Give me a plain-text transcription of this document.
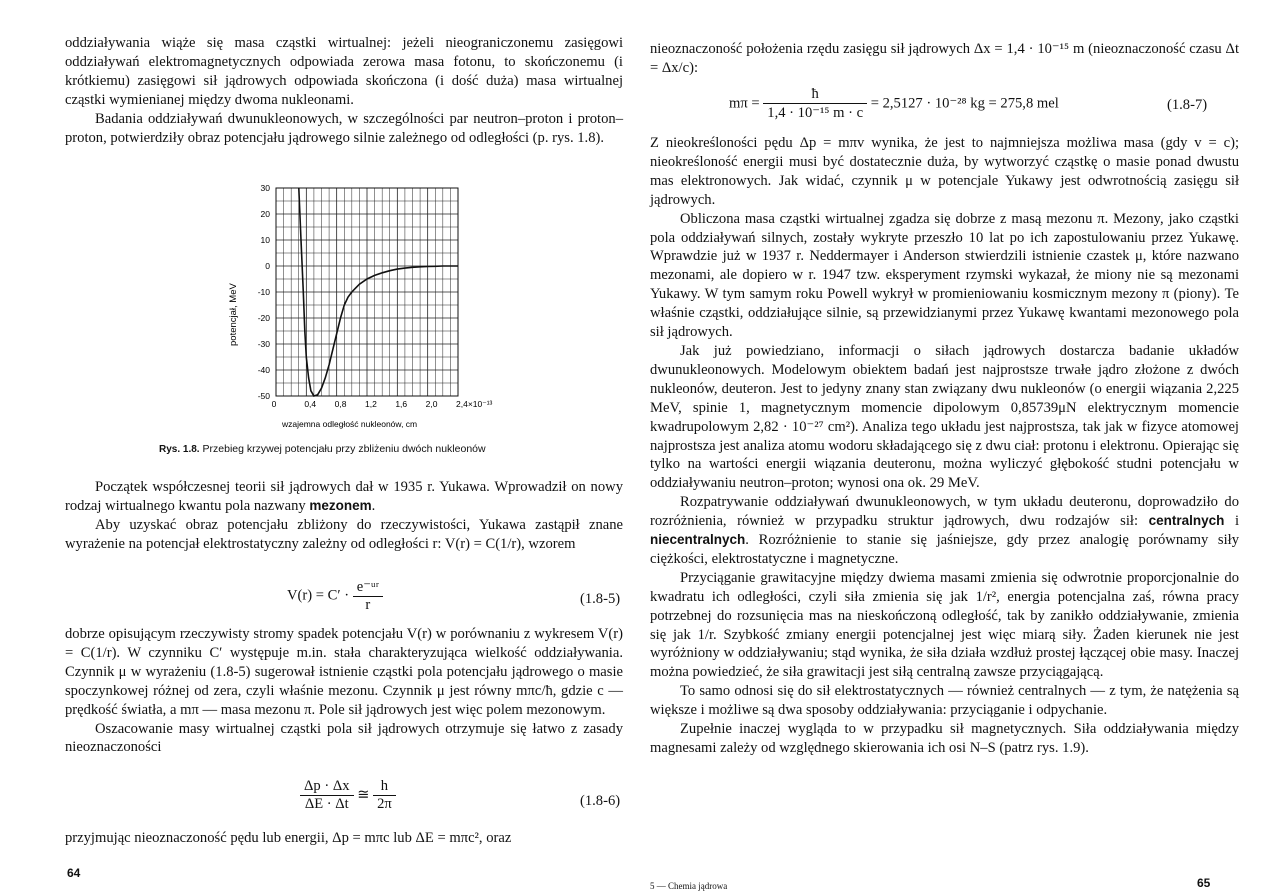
oddziaływania wiąże się masa cząstki wirtualnej: jeżeli nieograniczonemu zasięgowi oddziaływań elektromagnetycznych odpowiada zerowa masa fotonu, to skończonemu (i krótkiemu) zasięgowi sił jądrowych odpowiada skończona (i dość duża) masa wirtualnej cząstki wymienianej między dwoma nukleonami.

Badania oddziaływań dwunukleonowych, w szczególności par neutron–proton i proton–proton, potwierdziły obraz potencjału jądrowego silnie zależnego od odległości (p. rys. 1.8).

30
20
10
0
-10
-20
-30
-40
-50
0	0,4 0,8 1,2 1,6 2,0 2,4×10⁻¹³
potencjał, MeV
wzajemna odległość nukleonów, cm
Rys. 1.8. Przebieg krzywej potencjału przy zbliżeniu dwóch nukleonów

Początek współczesnej teorii sił jądrowych dał w 1935 r. Yukawa. Wprowadził on nowy rodzaj wirtualnego kwantu pola nazwany mezonem.

Aby uzyskać obraz potencjału zbliżony do rzeczywistości, Yukawa zastąpił znane wyrażenie na potencjał elektrostatyczny zależny od odległości r: V(r) = C(1/r), wzorem

$V(r) = C' \cdot \frac{\text{e⁻ᵘʳ}}{r}$	(1.8-5)

dobrze opisującym rzeczywisty stromy spadek potencjału V(r) w porównaniu z wykresem V(r) = C(1/r). W czynniku C′ występuje m.in. stała charakteryzująca wielkość oddziaływania. Czynnik μ w wyrażeniu (1.8-5) sugerował istnienie cząstki pola potencjału jądrowego o masie spoczynkowej różnej od zera, czyli właśnie mezonu. Czynnik μ jest równy mπc/ħ, gdzie c — prędkość światła, a mπ — masa mezonu π. Pole sił jądrowych jest więc polem mezonowym.

Oszacowanie masy wirtualnej cząstki pola sił jądrowych otrzymuje się łatwo z zasady nieoznaczoności

$\frac{\Delta p \cdot \Delta x}{\Delta E \cdot \Delta t}$ ≅ $\frac{h}{2\pi}$	(1.8-6)

przyjmując nieoznaczoność pędu lub energii, Δp = mπc lub ΔE = mπc², oraz

64

nieoznaczoność położenia rzędu zasięgu sił jądrowych Δx = 1,4 · 10⁻¹⁵ m (nieoznaczoność czasu Δt = Δx/c):

$m\pi = \frac{ħ}{\text{1,4 · 10⁻¹⁵ m · c}} = 2,5127 \cdot 10^{-28}$ kg = 275,8 mel	(1.8-7)

Z nieokreśloności pędu Δp = mπv wynika, że jest to najmniejsza możliwa masa (gdy v = c); nieokreśloność energii musi być dostatecznie duża, by wytworzyć cząstkę o masie ponad dwustu mas elektronowych. Jak widać, czynnik μ w potencjale Yukawy jest odwrotnością zasięgu sił jądrowych.

Obliczona masa cząstki wirtualnej zgadza się dobrze z masą mezonu π. Mezony, jako cząstki pola oddziaływań silnych, zostały wykryte przeszło 10 lat po ich zapostulowaniu przez Yukawę. Wprawdzie już w 1937 r. Neddermayer i Anderson stwierdzili istnienie czastek μ, które nazwano mezonami, ale dopiero w r. 1947 tzw. eksperyment rzymski wykazał, że miony nie są mezonami Yukawy. W tym samym roku Powell wykrył w promieniowaniu kosmicznym mezony π (piony). Te właśnie cząstki, oddziałujące silnie, są przewidzianymi przez Yukawę kwantami mezonowego pola sił jądrowych.

Jak już powiedziano, informacji o siłach jądrowych dostarcza badanie układów dwunukleonowych. Modelowym obiektem badań jest najprostsze trwałe jądro złożone z dwóch nukleonów, deuteron. Jest to jedyny znany stan związany dwu nukleonów (o energii wiązania 2,225 MeV, spinie 1, magnetycznym momencie dipolowym 0,85739μN elektrycznym momencie kwadrupolowym 2,82 · 10⁻²⁷ cm²). Analiza tego układu jest najprostsza, tak jak w fizyce atomowej najprostsza jest analiza atomu wodoru składającego się z dwu ciał: protonu i elektronu. Opierając się tylko na wartości energii wiązania deuteronu, można wyliczyć głębokość studni potencjału w oddziaływaniu neutron–proton; wynosi ona ok. 29 MeV.

Rozpatrywanie oddziaływań dwunukleonowych, w tym układu deuteronu, doprowadziło do rozróżnienia, również w przypadku struktur jądrowych, dwu rodzajów sił: centralnych i niecentralnych. Rozróżnienie to stanie się jaśniejsze, gdy przez analogię porównamy siły ciężkości, elektrostatyczne i magnetyczne.

Przyciąganie grawitacyjne między dwiema masami zmienia się odwrotnie proporcjonalnie do kwadratu ich odległości, czyli siła zmienia się jak 1/r², energia potencjalna zaś, równa pracy potrzebnej do rozsunięcia mas na nieskończoną odległość, tak by zanikło oddziaływanie, zmienia się jak 1/r. Szybkość zmiany energii potencjalnej jest więc miarą siły. Żaden kierunek nie jest wyróżniony w oddziaływaniu; stąd wynika, że siła działa wzdłuż prostej łączącej obie masy. Inaczej można powiedzieć, że siła grawitacji jest siłą centralną zawsze przyciągającą.

To samo odnosi się do sił elektrostatycznych — również centralnych — z tym, że natężenia są większe i możliwe są dwa sposoby oddziaływania: przyciąganie i odpychanie.

Zupełnie inaczej wygląda to w przypadku sił magnetycznych. Siła oddziaływania między magnesami zależy od względnego skierowania ich osi N–S (patrz rys. 1.9).

5 — Chemia jądrowa	65
